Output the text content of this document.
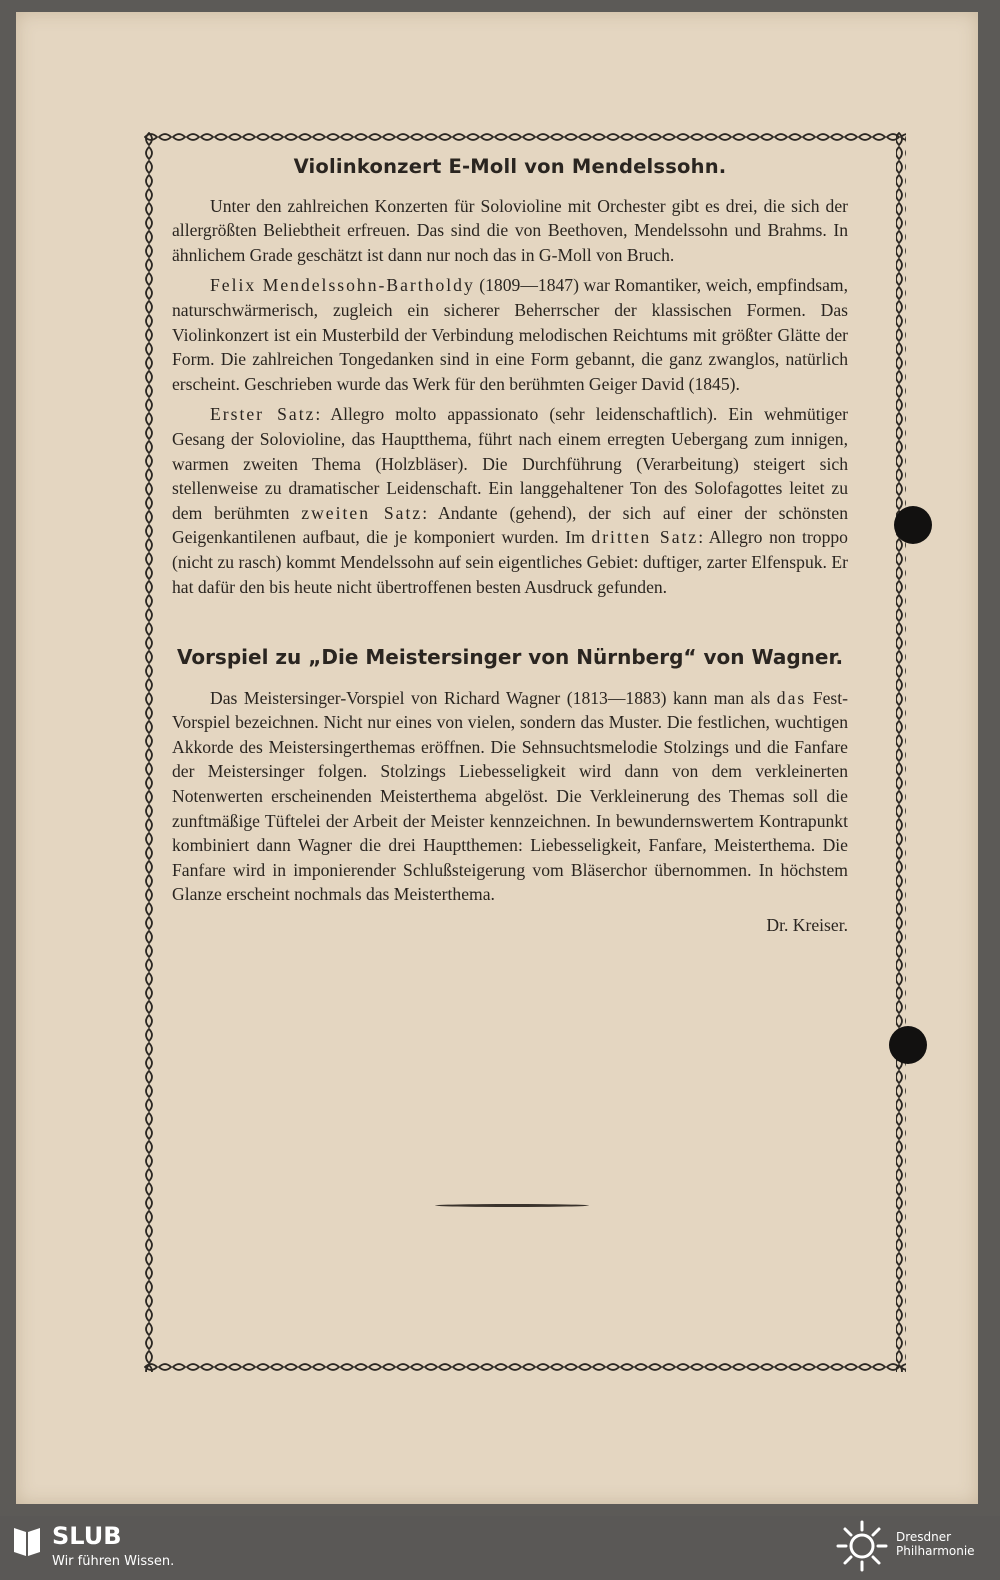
Violinkonzert E-Moll von Mendelssohn.

Unter den zahlreichen Konzerten für Solovioline mit Orchester gibt es drei, die sich der allergrößten Beliebtheit erfreuen. Das sind die von Beethoven, Mendelssohn und Brahms. In ähnlichem Grade geschätzt ist dann nur noch das in G-Moll von Bruch.

Felix Mendelssohn-Bartholdy (1809—1847) war Romantiker, weich, empfindsam, naturschwärmerisch, zugleich ein sicherer Beherrscher der klassischen Formen. Das Violinkonzert ist ein Musterbild der Verbindung melodischen Reichtums mit größter Glätte der Form. Die zahlreichen Tongedanken sind in eine Form gebannt, die ganz zwanglos, natürlich erscheint. Geschrieben wurde das Werk für den berühmten Geiger David (1845).

Erster Satz: Allegro molto appassionato (sehr leidenschaftlich). Ein wehmütiger Gesang der Solovioline, das Hauptthema, führt nach einem erregten Uebergang zum innigen, warmen zweiten Thema (Holzbläser). Die Durchführung (Verarbeitung) steigert sich stellenweise zu dramatischer Leidenschaft. Ein langgehaltener Ton des Solofagottes leitet zu dem berühmten zweiten Satz: Andante (gehend), der sich auf einer der schönsten Geigenkantilenen aufbaut, die je komponiert wurden. Im dritten Satz: Allegro non troppo (nicht zu rasch) kommt Mendelssohn auf sein eigentliches Gebiet: duftiger, zarter Elfenspuk. Er hat dafür den bis heute nicht übertroffenen besten Ausdruck gefunden.

Vorspiel zu „Die Meistersinger von Nürnberg“ von Wagner.

Das Meistersinger-Vorspiel von Richard Wagner (1813—1883) kann man als das Fest-Vorspiel bezeichnen. Nicht nur eines von vielen, sondern das Muster. Die festlichen, wuchtigen Akkorde des Meistersingerthemas eröffnen. Die Sehnsuchtsmelodie Stolzings und die Fanfare der Meistersinger folgen. Stolzings Liebesseligkeit wird dann von dem verkleinerten Notenwerten erscheinenden Meisterthema abgelöst. Die Verkleinerung des Themas soll die zunftmäßige Tüftelei der Arbeit der Meister kennzeichnen. In bewundernswertem Kontrapunkt kombiniert dann Wagner die drei Hauptthemen: Liebesseligkeit, Fanfare, Meisterthema. Die Fanfare wird in imponierender Schlußsteigerung vom Bläserchor übernommen. In höchstem Glanze erscheint nochmals das Meisterthema.

Dr. Kreiser.
SLUB
Wir führen Wissen.
Dresdner
Philharmonie
